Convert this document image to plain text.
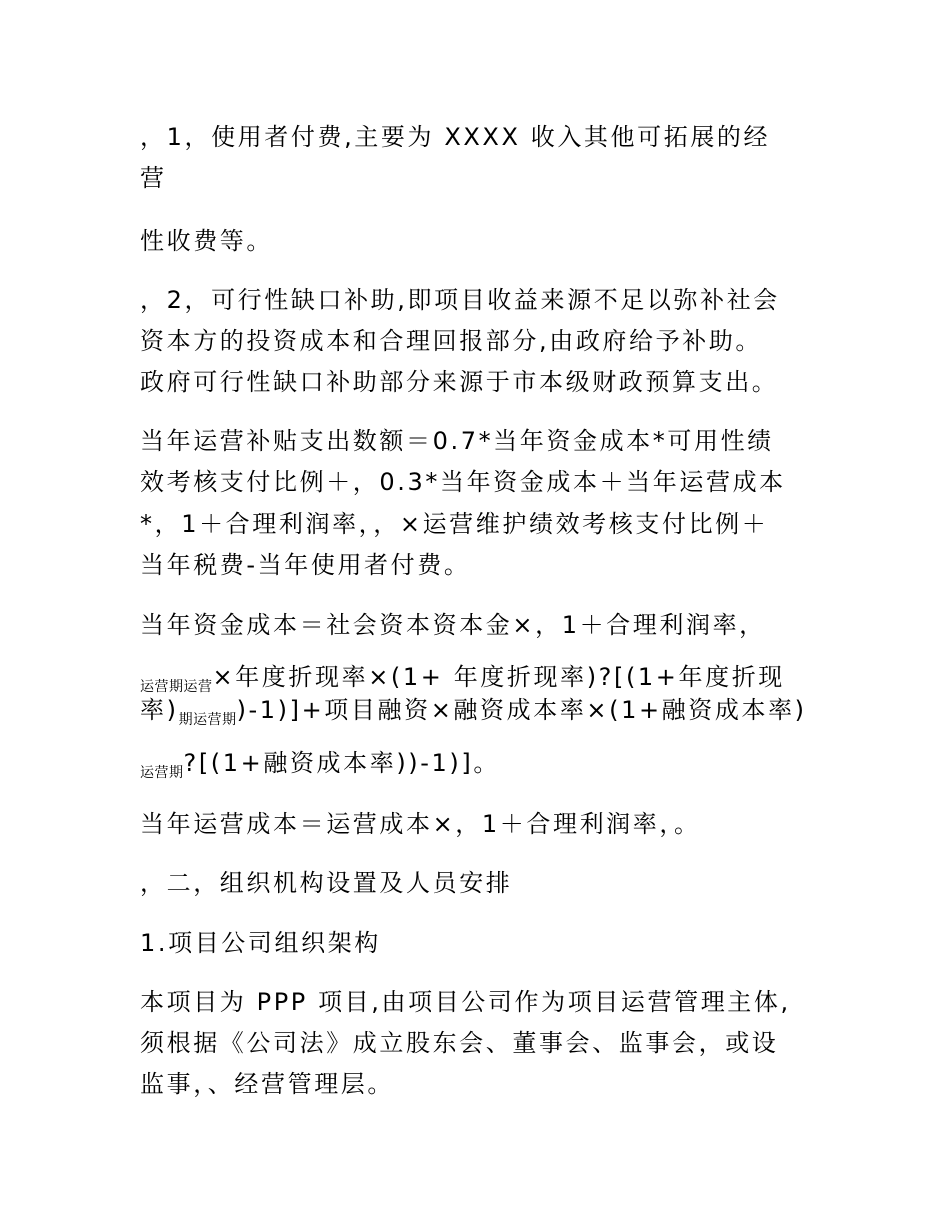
，1，使用者付费,主要为 XXXX 收入其他可拓展的经
营
性收费等。
，2，可行性缺口补助,即项目收益来源不足以弥补社会
资本方的投资成本和合理回报部分,由政府给予补助。
政府可行性缺口补助部分来源于市本级财政预算支出。
当年运营补贴支出数额＝0.7*当年资金成本*可用性绩
效考核支付比例＋，0.3*当年资金成本＋当年运营成本
*，1＋合理利润率，，×运营维护绩效考核支付比例＋
当年税费-当年使用者付费。
当年资金成本＝社会资本资本金×，1＋合理利润率，
$_{运营期运营}$×年度折现率×(1+ 年度折现率)?[(1+年度折现
率)$_{期运营期})-1)]+$项目融资×融资成本率×(1+融资成本率)
$_{运营期}$?[(1+融资成本率))-1)]。
当年运营成本＝运营成本×，1＋合理利润率，。
，二，组织机构设置及人员安排
1.项目公司组织架构
本项目为 PPP 项目,由项目公司作为项目运营管理主体,
须根据《公司法》成立股东会、董事会、监事会，或设
监事，、经营管理层。
